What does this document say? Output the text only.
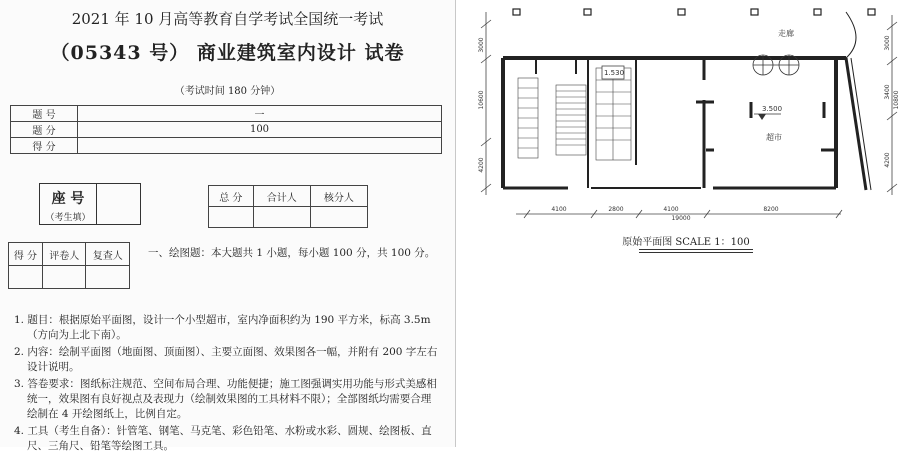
2021 年 10 月高等教育自学考试全国统一考试
（05343 号） 商业建筑室内设计 试卷
（考试时间 180 分钟）
题 号	一
题 分	100
得 分	
座 号
（考生填）
总 分	合计人	核分人

得 分	评卷人	复查人
		一、绘图题：本大题共 1 小题，每小题 100 分，共 100 分。

1. 题目：根据原始平面图，设计一个小型超市，室内净面积约为 190 平方米，标高 3.5m（方向为上北下南）。

2. 内容：绘制平面图（地面图、顶面图）、主要立面图、效果图各一幅，并附有 200 字左右设计说明。

3. 答卷要求：图纸标注规范、空间布局合理、功能便捷；施工图强调实用功能与形式美感相统一，效果图有良好视点及表现力（绘制效果图的工具材料不限）；全部图纸均需要合理绘制在 4 开绘图纸上，比例自定。

4. 工具（考生自备）：针管笔、钢笔、马克笔、彩色铅笔、水粉或水彩、圆规、绘图板、直尺、三角尺、铅笔等绘图工具。

走廊
超市
1.530
3.500
3000
10600
4200
3000
3400 10800
4200
4100	2800	4100	8200
19000
原始平面图 SCALE 1：100
